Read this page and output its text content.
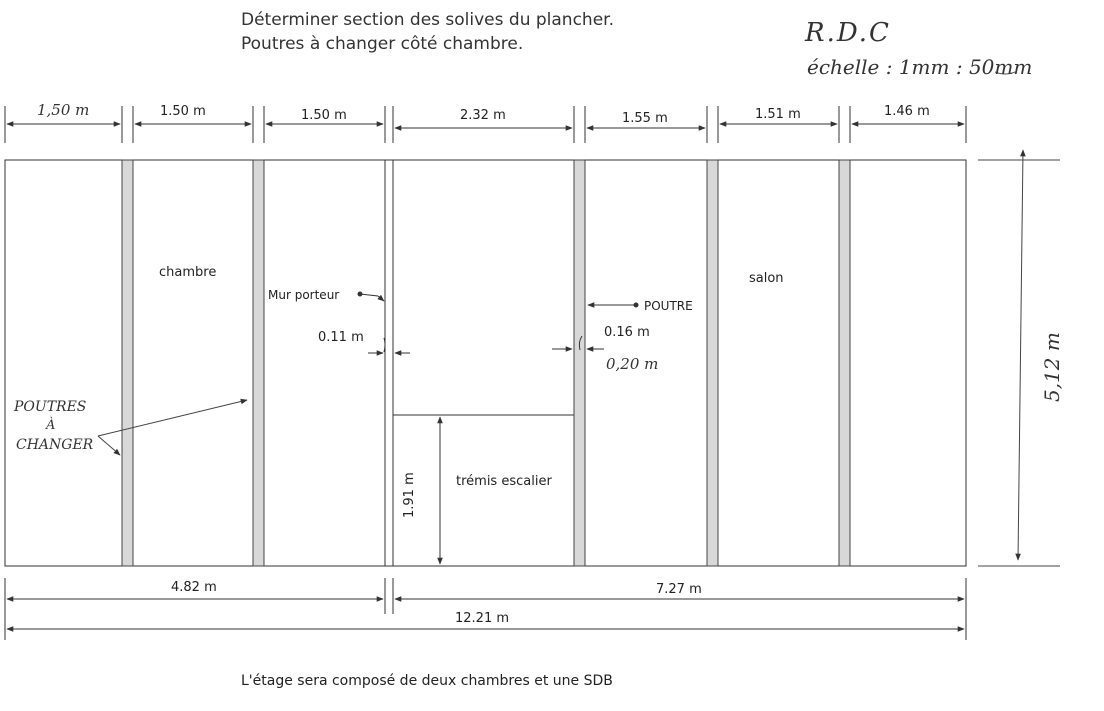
Déterminer section des solives du plancher.
Poutres à changer côté chambre.	R.D.C
échelle : 1mm : 50mm
1,50 m	1.50 m	1.50 m	2.32 m	1.55 m	1.51 m	1.46 m
chambre	salon
trémis escalier
Mur porteur
POUTRE
0.11 m	0.16 m
0,20 m
1.91 m
POUTRES
À
CHANGER
5,12 m
4.82 m	7.27 m
12.21 m
L'étage sera composé de deux chambres et une SDB
